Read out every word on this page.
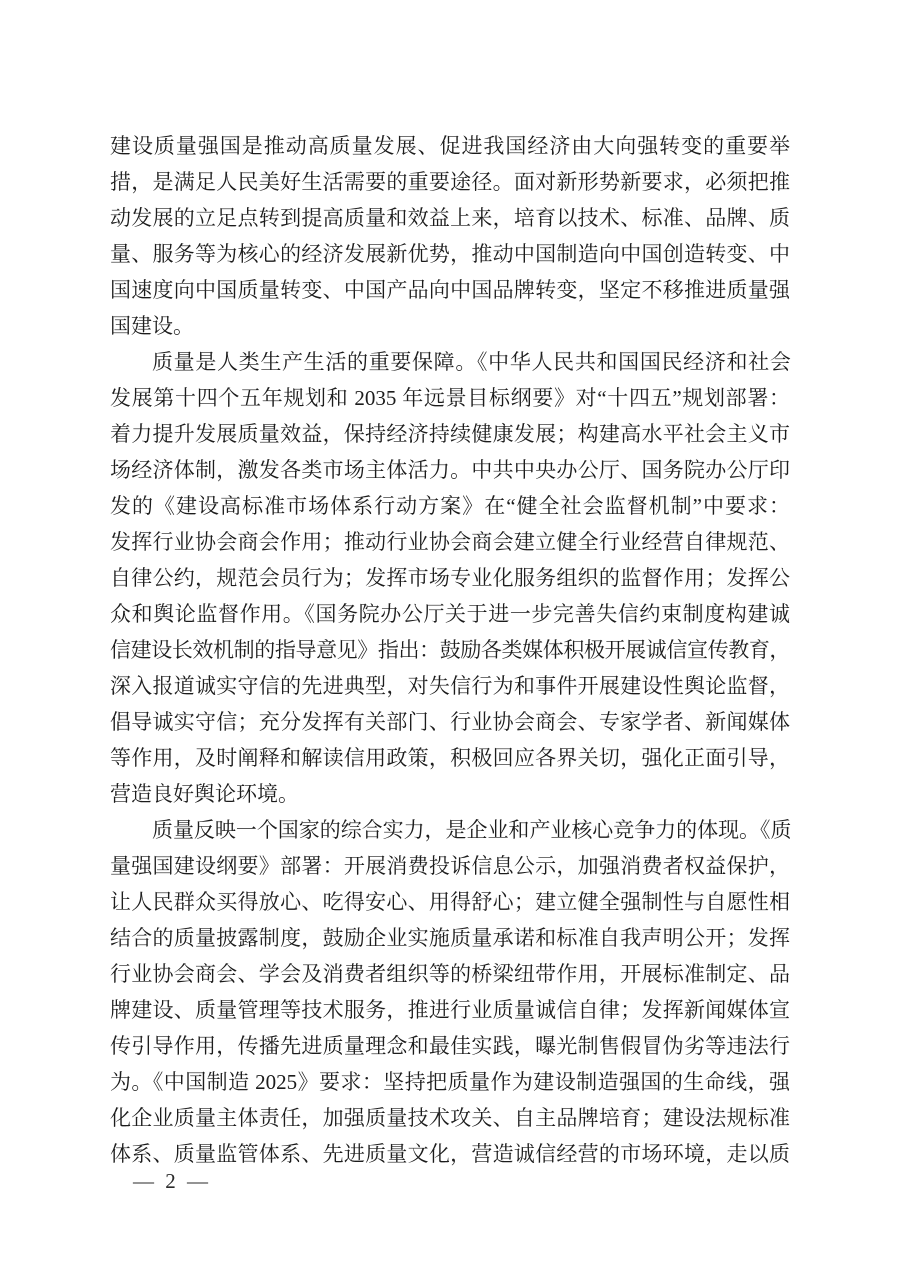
建设质量强国是推动高质量发展、促进我国经济由大向强转变的重要举
措，是满足人民美好生活需要的重要途径。面对新形势新要求，必须把推
动发展的立足点转到提高质量和效益上来，培育以技术、标准、品牌、质
量、服务等为核心的经济发展新优势，推动中国制造向中国创造转变、中
国速度向中国质量转变、中国产品向中国品牌转变，坚定不移推进质量强
国建设。
质量是人类生产生活的重要保障。《中华人民共和国国民经济和社会
发展第十四个五年规划和 2035 年远景目标纲要》对“十四五”规划部署：
着力提升发展质量效益，保持经济持续健康发展；构建高水平社会主义市
场经济体制，激发各类市场主体活力。中共中央办公厅、国务院办公厅印
发的《建设高标准市场体系行动方案》在“健全社会监督机制”中要求：
发挥行业协会商会作用；推动行业协会商会建立健全行业经营自律规范、
自律公约，规范会员行为；发挥市场专业化服务组织的监督作用；发挥公
众和舆论监督作用。《国务院办公厅关于进一步完善失信约束制度构建诚
信建设长效机制的指导意见》指出：鼓励各类媒体积极开展诚信宣传教育，
深入报道诚实守信的先进典型，对失信行为和事件开展建设性舆论监督，
倡导诚实守信；充分发挥有关部门、行业协会商会、专家学者、新闻媒体
等作用，及时阐释和解读信用政策，积极回应各界关切，强化正面引导，
营造良好舆论环境。
质量反映一个国家的综合实力，是企业和产业核心竞争力的体现。《质
量强国建设纲要》部署：开展消费投诉信息公示，加强消费者权益保护，
让人民群众买得放心、吃得安心、用得舒心；建立健全强制性与自愿性相
结合的质量披露制度，鼓励企业实施质量承诺和标准自我声明公开；发挥
行业协会商会、学会及消费者组织等的桥梁纽带作用，开展标准制定、品
牌建设、质量管理等技术服务，推进行业质量诚信自律；发挥新闻媒体宣
传引导作用，传播先进质量理念和最佳实践，曝光制售假冒伪劣等违法行
为。《中国制造 2025》要求：坚持把质量作为建设制造强国的生命线，强
化企业质量主体责任，加强质量技术攻关、自主品牌培育；建设法规标准
体系、质量监管体系、先进质量文化，营造诚信经营的市场环境，走以质
— 2 —
